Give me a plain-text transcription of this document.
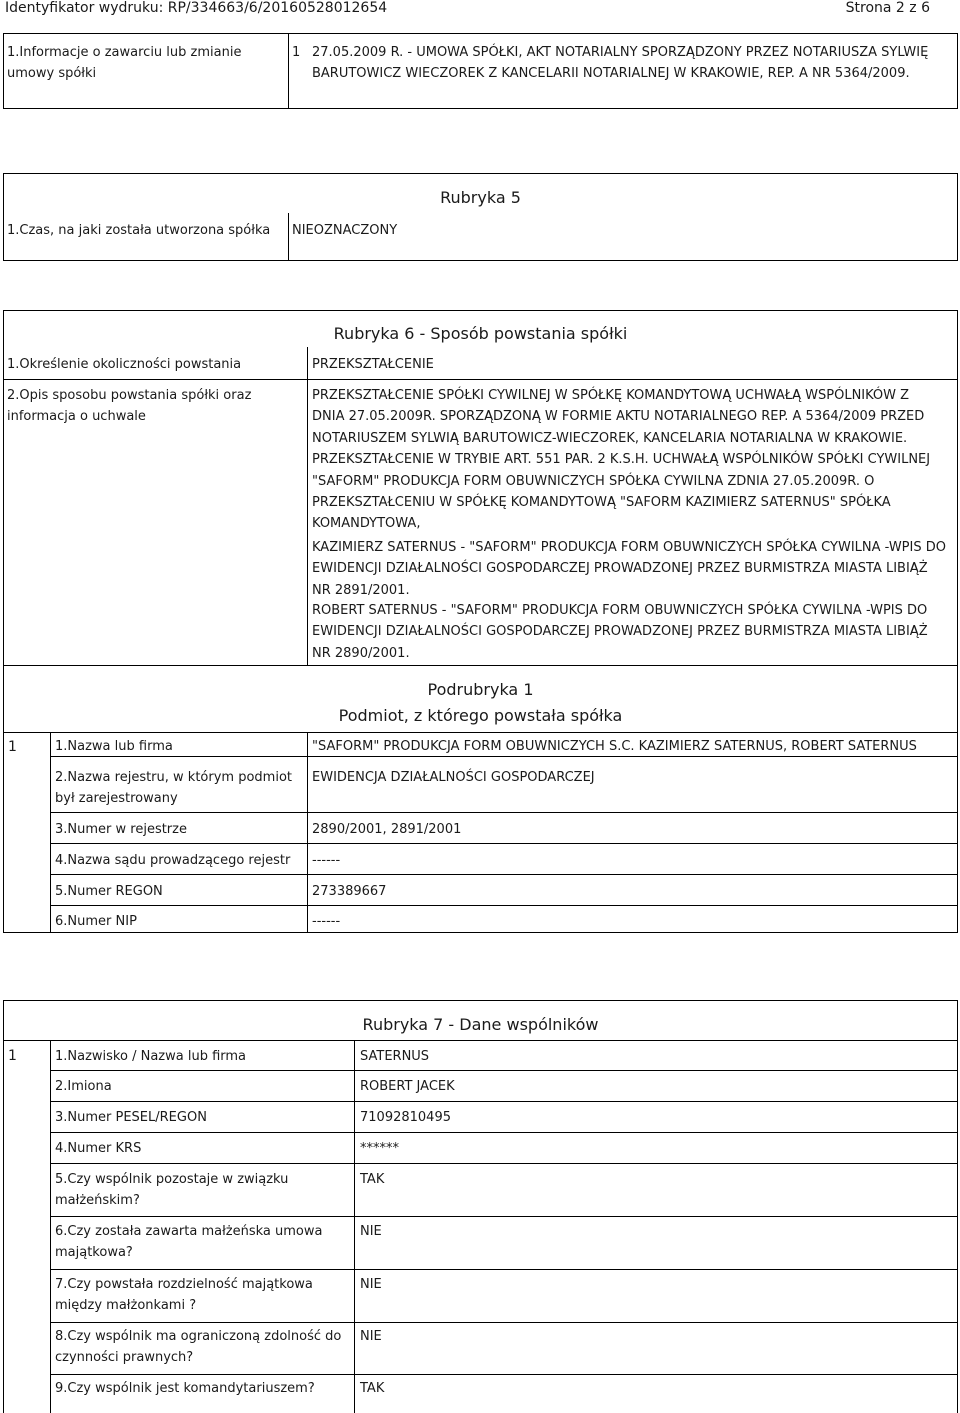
Identyfikator wydruku: RP/334663/6/20160528012654	Strona 2 z 6
1.Informacje o zawarciu lub zmianie umowy spółki
1 27.05.2009 R. - UMOWA SPÓŁKI, AKT NOTARIALNY SPORZĄDZONY PRZEZ NOTARIUSZA SYLWIĘ BARUTOWICZ WIECZOREK Z KANCELARII NOTARIALNEJ W KRAKOWIE, REP. A NR 5364/2009.
Rubryka 5
1.Czas, na jaki została utworzona spółka NIEOZNACZONY
Rubryka 6 - Sposób powstania spółki
1.Określenie okoliczności powstania	PRZEKSZTAŁCENIE
2.Opis sposobu powstania spółki oraz informacja o uchwale
PRZEKSZTAŁCENIE SPÓŁKI CYWILNEJ W SPÓŁKĘ KOMANDYTOWĄ UCHWAŁĄ WSPÓLNIKÓW Z
DNIA 27.05.2009R. SPORZĄDZONĄ W FORMIE AKTU NOTARIALNEGO REP. A 5364/2009 PRZED
NOTARIUSZEM SYLWIĄ BARUTOWICZ-WIECZOREK, KANCELARIA NOTARIALNA W KRAKOWIE.
PRZEKSZTAŁCENIE W TRYBIE ART. 551 PAR. 2 K.S.H. UCHWAŁĄ WSPÓLNIKÓW SPÓŁKI CYWILNEJ
"SAFORM" PRODUKCJA FORM OBUWNICZYCH SPÓŁKA CYWILNA ZDNIA 27.05.2009R. O
PRZEKSZTAŁCENIU W SPÓŁKĘ KOMANDYTOWĄ "SAFORM KAZIMIERZ SATERNUS" SPÓŁKA
KOMANDYTOWA,
KAZIMIERZ SATERNUS - "SAFORM" PRODUKCJA FORM OBUWNICZYCH SPÓŁKA CYWILNA -WPIS DO
EWIDENCJI DZIAŁALNOŚCI GOSPODARCZEJ PROWADZONEJ PRZEZ BURMISTRZA MIASTA LIBIĄŻ
NR 2891/2001.
ROBERT SATERNUS - "SAFORM" PRODUKCJA FORM OBUWNICZYCH SPÓŁKA CYWILNA -WPIS DO
EWIDENCJI DZIAŁALNOŚCI GOSPODARCZEJ PROWADZONEJ PRZEZ BURMISTRZA MIASTA LIBIĄŻ
NR 2890/2001.
Podrubryka 1
Podmiot, z którego powstała spółka
1	1.Nazwa lub firma	"SAFORM" PRODUKCJA FORM OBUWNICZYCH S.C. KAZIMIERZ SATERNUS, ROBERT SATERNUS
2.Nazwa rejestru, w którym podmiot był zarejestrowany
EWIDENCJA DZIAŁALNOŚCI GOSPODARCZEJ
3.Numer w rejestrze	2890/2001, 2891/2001
4.Nazwa sądu prowadzącego rejestr ------
5.Numer REGON	273389667
6.Numer NIP	------
Rubryka 7 - Dane wspólników
1	1.Nazwisko / Nazwa lub firma	SATERNUS
2.Imiona	ROBERT JACEK
3.Numer PESEL/REGON	71092810495
4.Numer KRS	******
5.Czy wspólnik pozostaje w związku małżeńskim?
TAK
6.Czy została zawarta małżeńska umowa majątkowa?
NIE
7.Czy powstała rozdzielność majątkowa między małżonkami ?
NIE
8.Czy wspólnik ma ograniczoną zdolność do czynności prawnych?
NIE
9.Czy wspólnik jest komandytariuszem?	TAK
